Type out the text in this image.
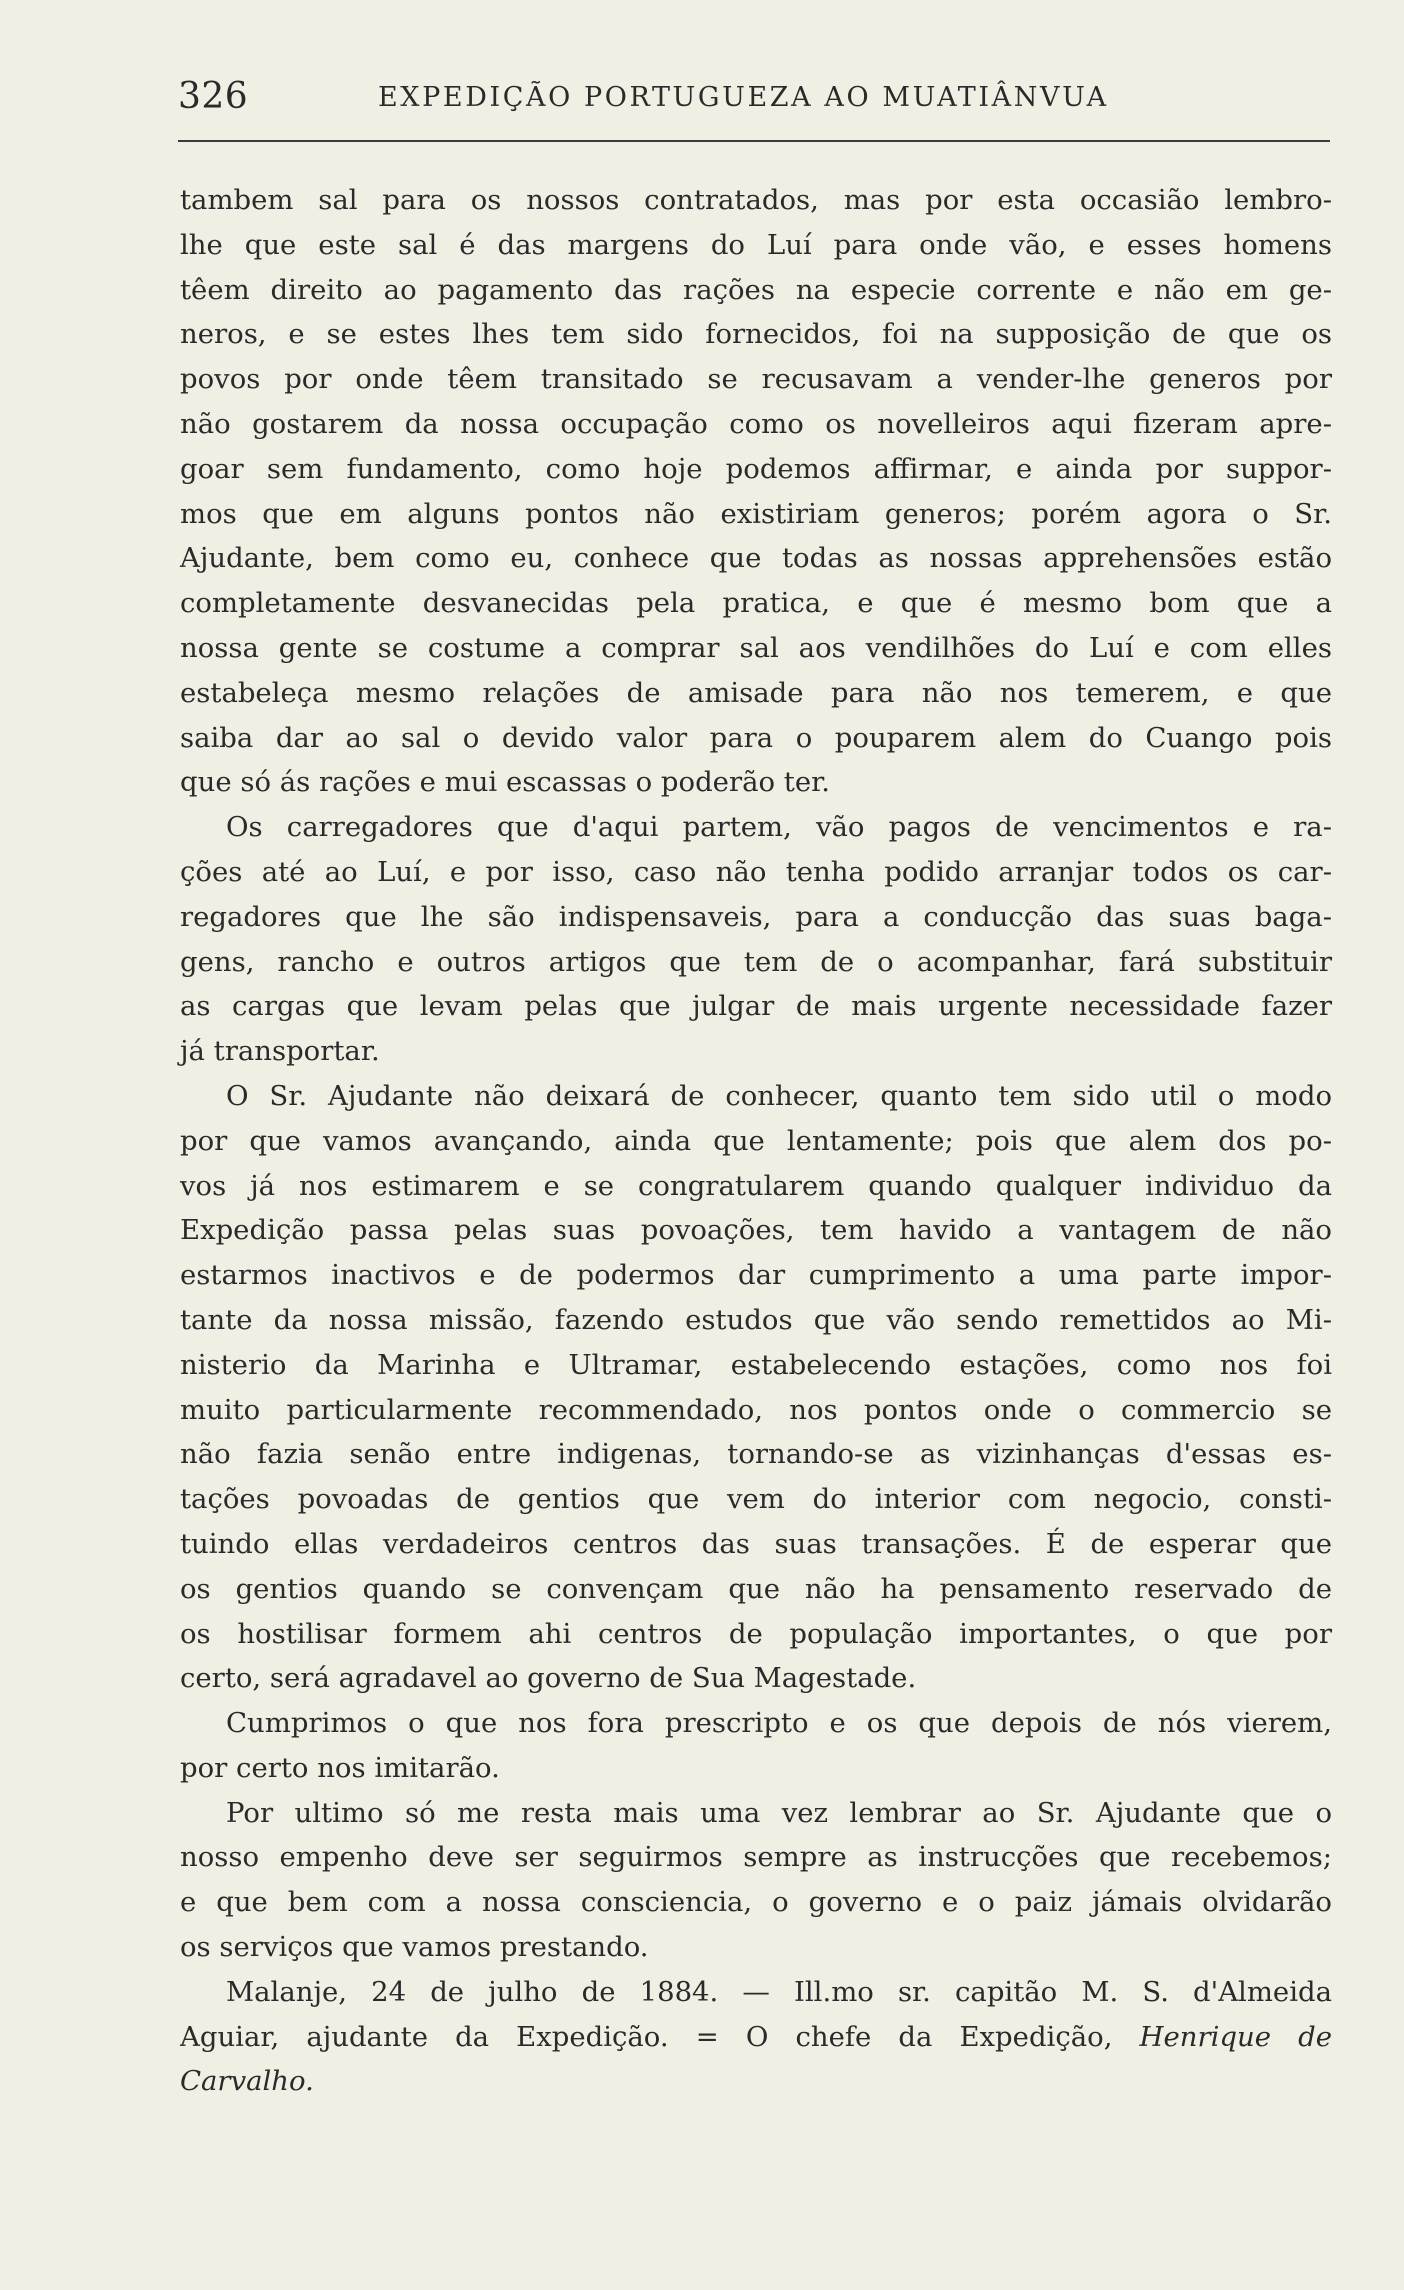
326	EXPEDIÇÃO PORTUGUEZA AO MUATIÂNVUA
tambem sal para os nossos contratados, mas por esta occasião lembro-
lhe que este sal é das margens do Luí para onde vão, e esses homens
têem direito ao pagamento das rações na especie corrente e não em ge-
neros, e se estes lhes tem sido fornecidos, foi na supposição de que os
povos por onde têem transitado se recusavam a vender-lhe generos por
não gostarem da nossa occupação como os novelleiros aqui fizeram apre-
goar sem fundamento, como hoje podemos affirmar, e ainda por suppor-
mos que em alguns pontos não existiriam generos; porém agora o Sr.
Ajudante, bem como eu, conhece que todas as nossas apprehensões estão
completamente desvanecidas pela pratica, e que é mesmo bom que a
nossa gente se costume a comprar sal aos vendilhões do Luí e com elles
estabeleça mesmo relações de amisade para não nos temerem, e que
saiba dar ao sal o devido valor para o pouparem alem do Cuango pois
que só ás rações e mui escassas o poderão ter.
Os carregadores que d'aqui partem, vão pagos de vencimentos e ra-
ções até ao Luí, e por isso, caso não tenha podido arranjar todos os car-
regadores que lhe são indispensaveis, para a conducção das suas baga-
gens, rancho e outros artigos que tem de o acompanhar, fará substituir
as cargas que levam pelas que julgar de mais urgente necessidade fazer
já transportar.
O Sr. Ajudante não deixará de conhecer, quanto tem sido util o modo
por que vamos avançando, ainda que lentamente; pois que alem dos po-
vos já nos estimarem e se congratularem quando qualquer individuo da
Expedição passa pelas suas povoações, tem havido a vantagem de não
estarmos inactivos e de podermos dar cumprimento a uma parte impor-
tante da nossa missão, fazendo estudos que vão sendo remettidos ao Mi-
nisterio da Marinha e Ultramar, estabelecendo estações, como nos foi
muito particularmente recommendado, nos pontos onde o commercio se
não fazia senão entre indigenas, tornando-se as vizinhanças d'essas es-
tações povoadas de gentios que vem do interior com negocio, consti-
tuindo ellas verdadeiros centros das suas transações. É de esperar que
os gentios quando se convençam que não ha pensamento reservado de
os hostilisar formem ahi centros de população importantes, o que por
certo, será agradavel ao governo de Sua Magestade.
Cumprimos o que nos fora prescripto e os que depois de nós vierem,
por certo nos imitarão.
Por ultimo só me resta mais uma vez lembrar ao Sr. Ajudante que o
nosso empenho deve ser seguirmos sempre as instrucções que recebemos;
e que bem com a nossa consciencia, o governo e o paiz jámais olvidarão
os serviços que vamos prestando.
Malanje, 24 de julho de 1884. — Ill.mo sr. capitão M. S. d'Almeida
Aguiar, ajudante da Expedição. = O chefe da Expedição, Henrique de
Carvalho.
